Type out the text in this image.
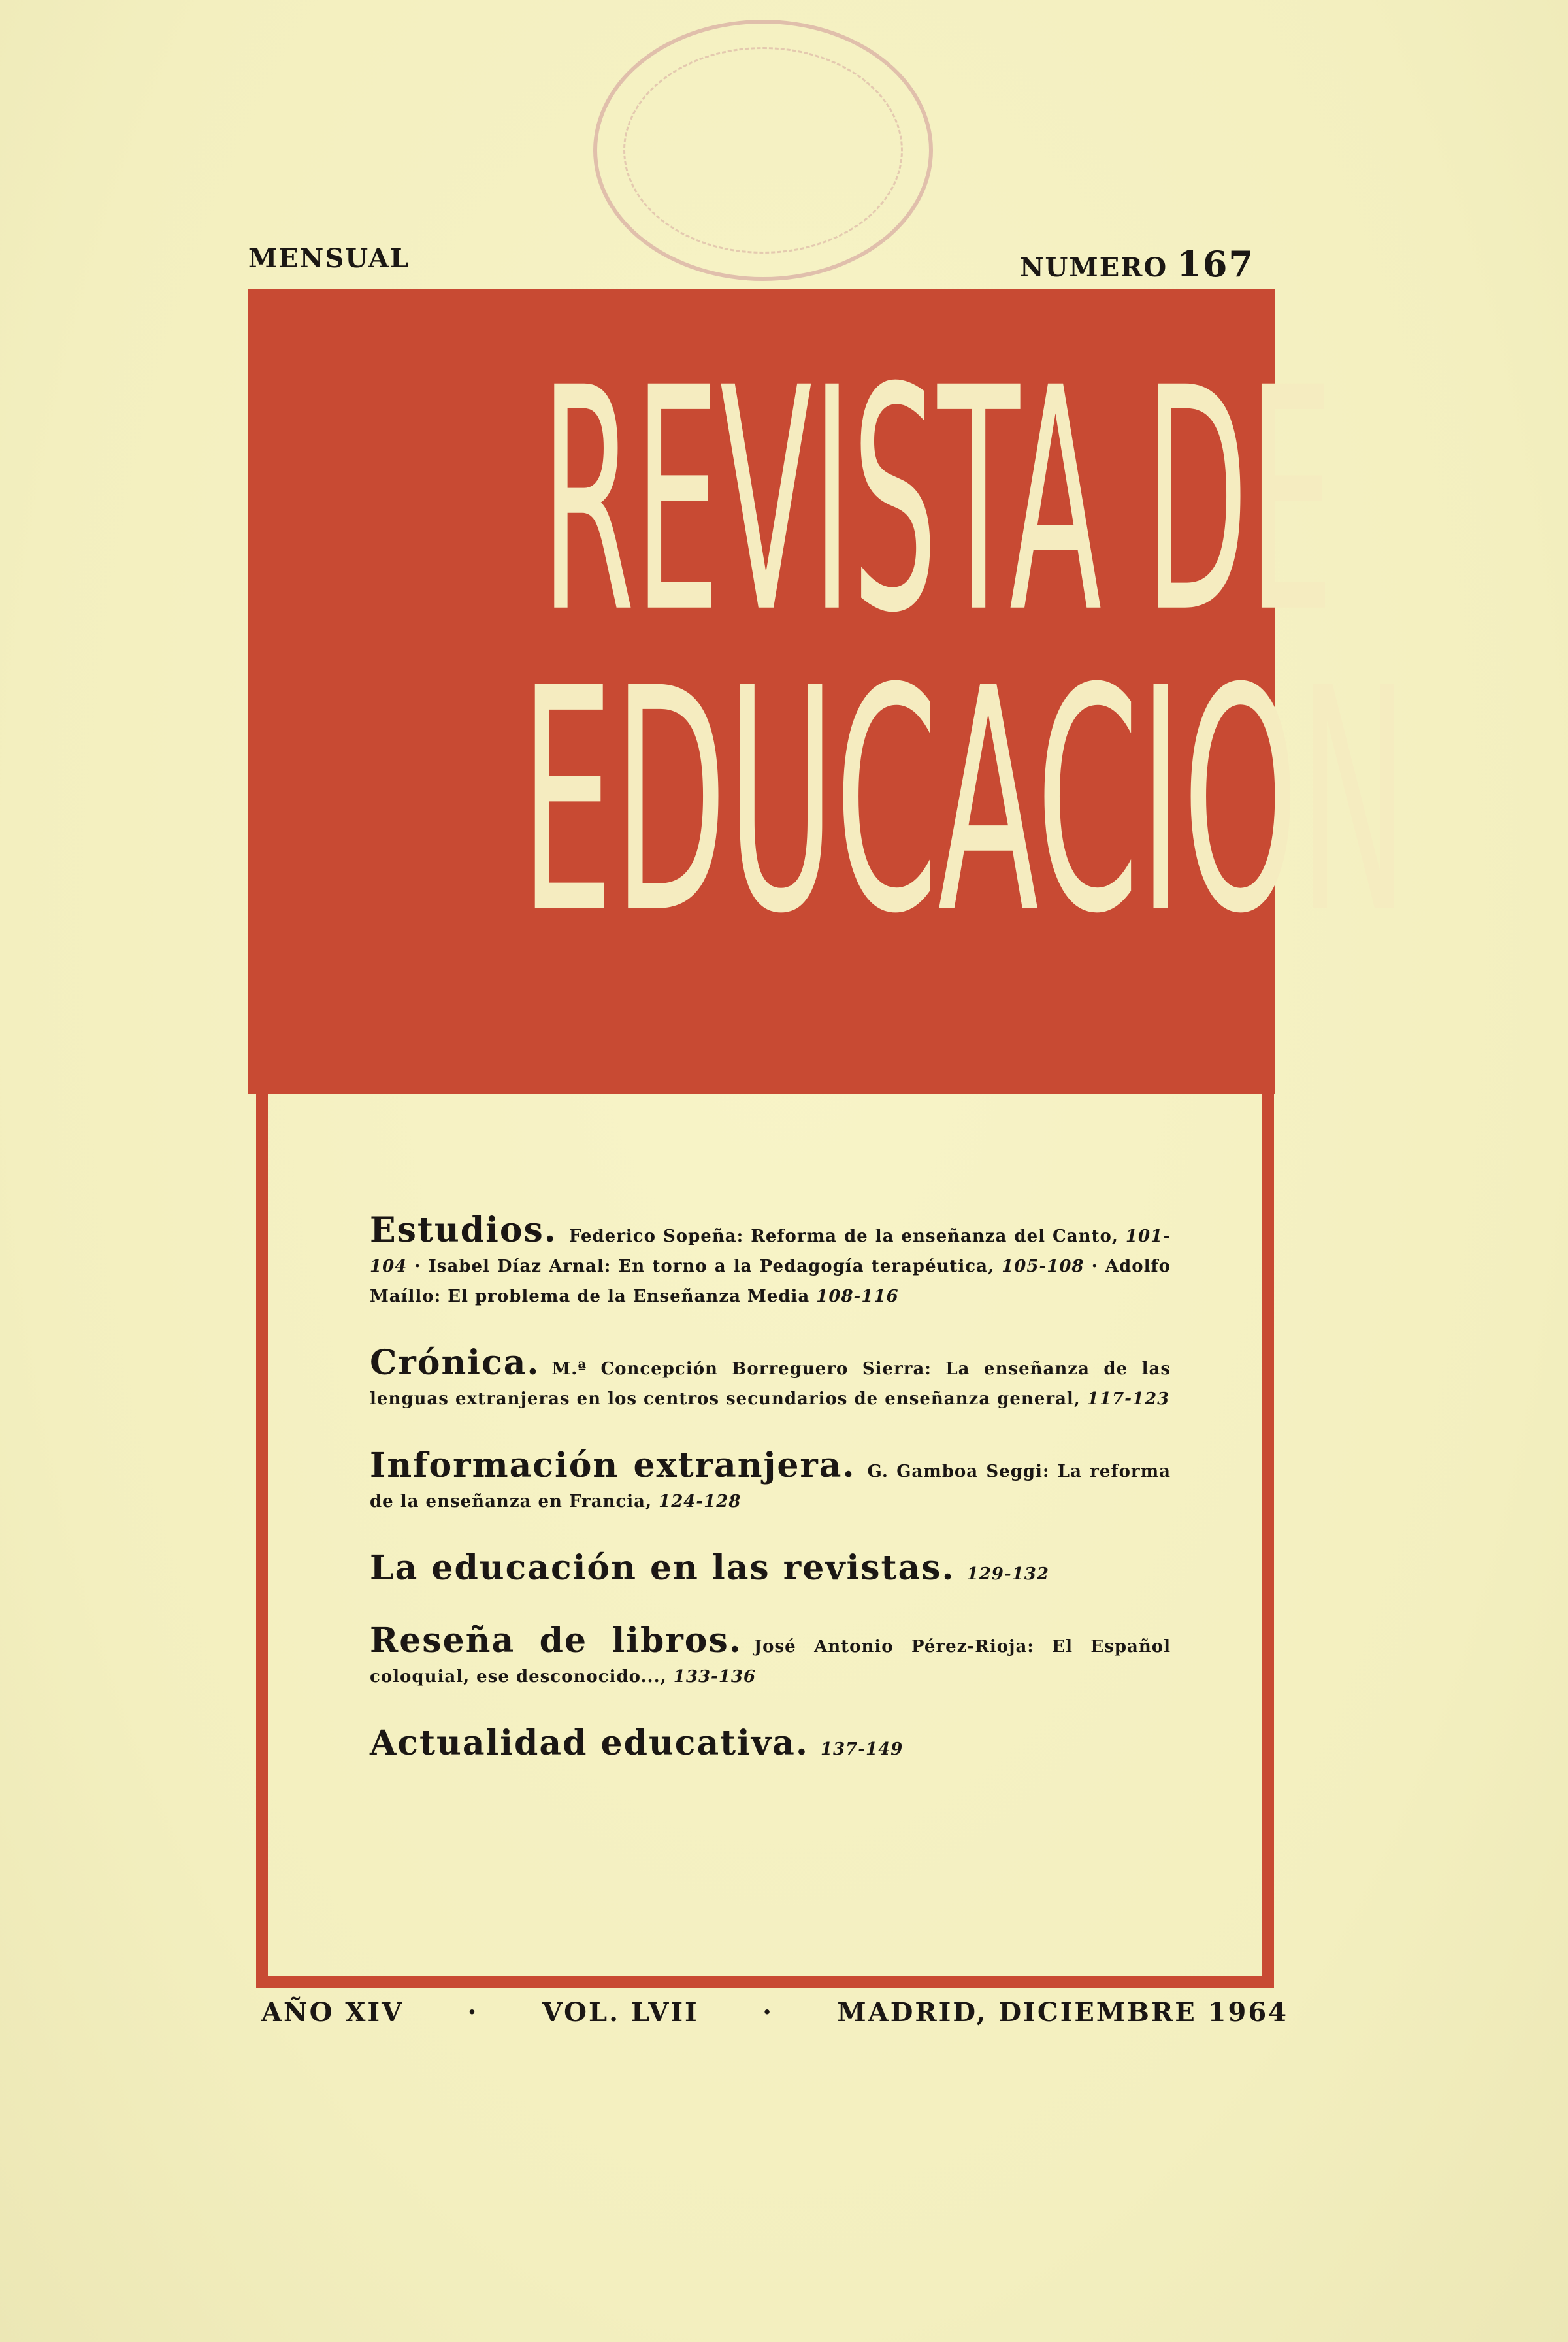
MENSUAL	NUMERO 167
REVISTA DE
EDUCACION
Estudios. Federico Sopeña: Reforma de la enseñanza del Canto, 101-104 · Isabel Díaz Arnal: En torno a la Pedagogía terapéutica, 105-108 · Adolfo Maíllo: El problema de la Enseñanza Media 108-116
Crónica. M.ª Concepción Borreguero Sierra: La enseñanza de las lenguas extranjeras en los centros secundarios de enseñanza general, 117-123
Información extranjera. G. Gamboa Seggi: La reforma de la enseñanza en Francia, 124-128
La educación en las revistas. 129-132
Reseña de libros. José Antonio Pérez-Rioja: El Español coloquial, ese desconocido..., 133-136
Actualidad educativa. 137-149
AÑO XIV · VOL. LVII · MADRID, DICIEMBRE 1964
